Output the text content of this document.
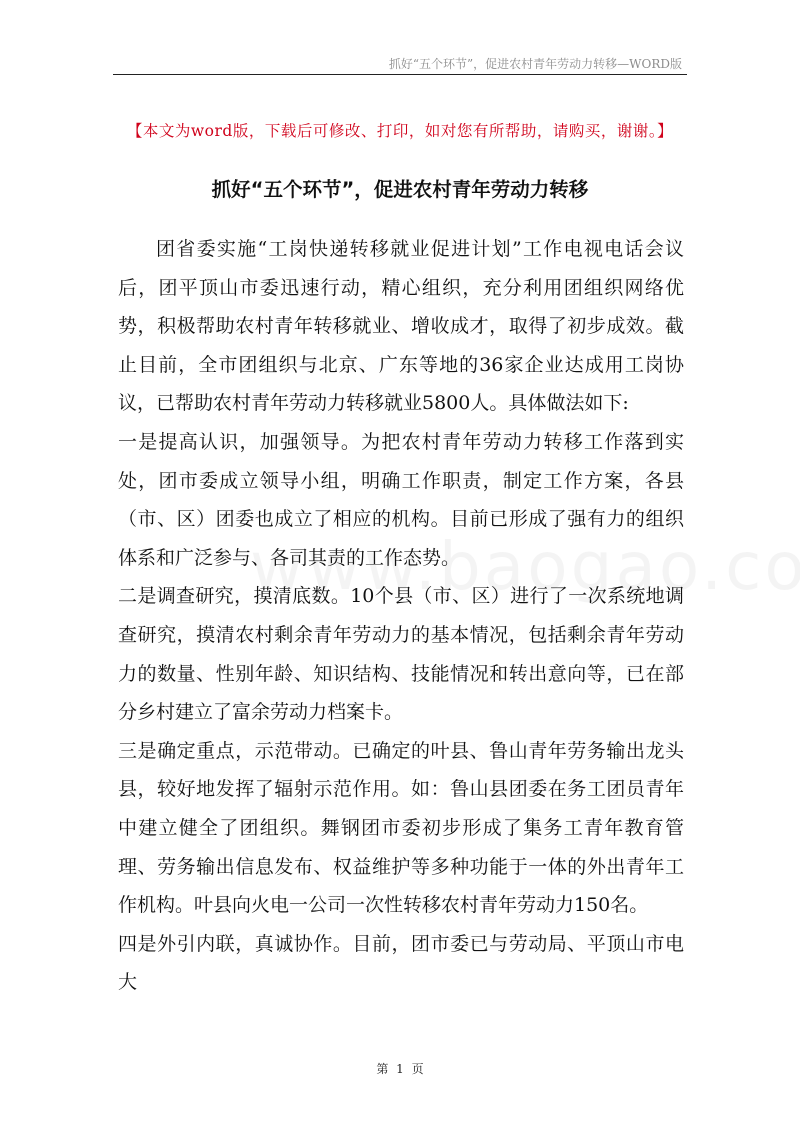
抓好“五个环节”，促进农村青年劳动力转移—WORD版
【本文为word版，下载后可修改、打印，如对您有所帮助，请购买，谢谢。】
抓好“五个环节”，促进农村青年劳动力转移

团省委实施“工岗快递转移就业促进计划”工作电视电话会议后，团平顶山市委迅速行动，精心组织，充分利用团组织网络优势，积极帮助农村青年转移就业、增收成才，取得了初步成效。截止目前，全市团组织与北京、广东等地的36家企业达成用工岗协议，已帮助农村青年劳动力转移就业5800人。具体做法如下:

一是提高认识，加强领导。为把农村青年劳动力转移工作落到实处，团市委成立领导小组，明确工作职责，制定工作方案，各县（市、区）团委也成立了相应的机构。目前已形成了强有力的组织体系和广泛参与、各司其责的工作态势。

二是调查研究，摸清底数。10个县（市、区）进行了一次系统地调查研究，摸清农村剩余青年劳动力的基本情况，包括剩余青年劳动力的数量、性别年龄、知识结构、技能情况和转出意向等，已在部分乡村建立了富余劳动力档案卡。

三是确定重点，示范带动。已确定的叶县、鲁山青年劳务输出龙头县，较好地发挥了辐射示范作用。如：鲁山县团委在务工团员青年中建立健全了团组织。舞钢团市委初步形成了集务工青年教育管理、劳务输出信息发布、权益维护等多种功能于一体的外出青年工作机构。叶县向火电一公司一次性转移农村青年劳动力150名。

四是外引内联，真诚协作。目前，团市委已与劳动局、平顶山市电大

第 1 页
